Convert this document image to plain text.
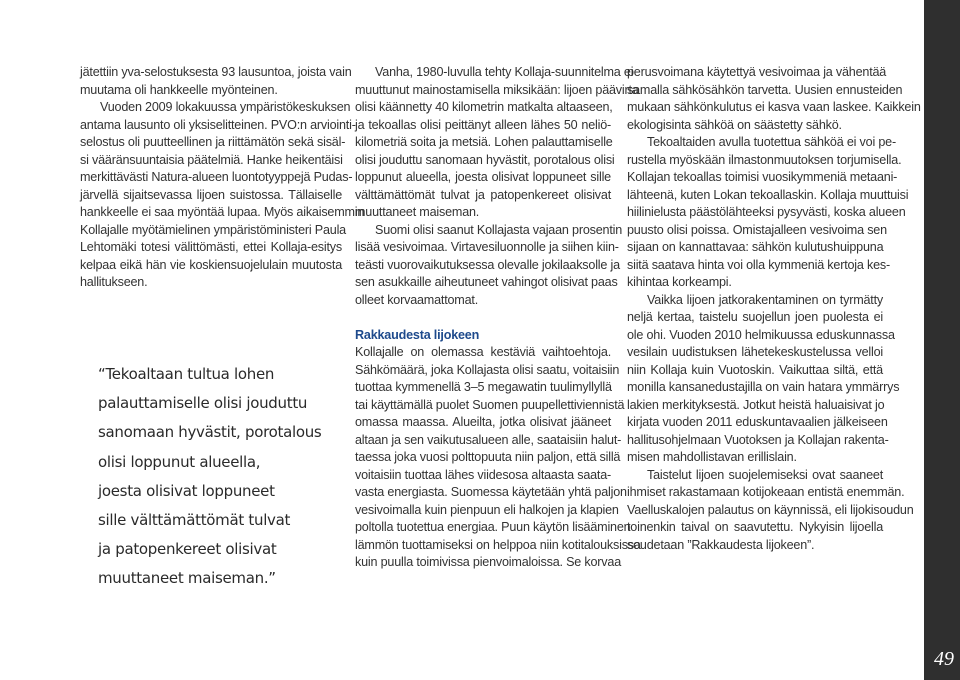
jätettiin yva-selostuksesta 93 lausuntoa, joista vain
muutama oli hankkeelle myönteinen.
Vuoden 2009 lokakuussa ympäristökeskuksen
antama lausunto oli yksiselitteinen. PVO:n arviointi-
selostus oli puutteellinen ja riittämätön sekä sisäl-
si vääränsuuntaisia päätelmiä. Hanke heikentäisi
merkittävästi Natura-alueen luontotyyppejä Pudas-
järvellä sijaitsevassa lijoen suistossa. Tällaiselle
hankkeelle ei saa myöntää lupaa. Myös aikaisemmin
Kollajalle myötämielinen ympäristöministeri Paula
Lehtomäki totesi välittömästi, ettei Kollaja-esitys
kelpaa eikä hän vie koskiensuojelulain muutosta
hallitukseen.
“Tekoaltaan tultua lohen
palauttamiselle olisi jouduttu
sanomaan hyvästit, porotalous
olisi loppunut alueella,
joesta olisivat loppuneet
sille välttämättömät tulvat
ja patopenkereet olisivat
muuttaneet maiseman.”
Vanha, 1980-luvulla tehty Kollaja-suunnitelma ei
muuttunut mainostamisella miksikään: lijoen päävirta
olisi käännetty 40 kilometrin matkalta altaaseen,
ja tekoallas olisi peittänyt alleen lähes 50 neliö-
kilometriä soita ja metsiä. Lohen palauttamiselle
olisi jouduttu sanomaan hyvästit, porotalous olisi
loppunut alueella, joesta olisivat loppuneet sille
välttämättömät tulvat ja patopenkereet olisivat
muuttaneet maiseman.
Suomi olisi saanut Kollajasta vajaan prosentin
lisää vesivoimaa. Virtavesiluonnolle ja siihen kiin-
teästi vuorovaikutuksessa olevalle jokilaaksolle ja
sen asukkaille aiheutuneet vahingot olisivat paas
olleet korvaamattomat.
Rakkaudesta lijokeen
Kollajalle on olemassa kestäviä vaihtoehtoja.
Sähkömäärä, joka Kollajasta olisi saatu, voitaisiin
tuottaa kymmenellä 3–5 megawatin tuulimyllyllä
tai käyttämällä puolet Suomen puupellettiviennistä
omassa maassa. Alueilta, jotka olisivat jääneet
altaan ja sen vaikutusalueen alle, saataisiin halut-
taessa joka vuosi polttopuuta niin paljon, että sillä
voitaisiin tuottaa lähes viidesosa altaasta saata-
vasta energiasta. Suomessa käytetään yhtä paljon
vesivoimalla kuin pienpuun eli halkojen ja klapien
poltolla tuotettua energiaa. Puun käytön lisääminen
lämmön tuottamiseksi on helppoa niin kotitalouksissa
kuin puulla toimivissa pienvoimaloissa. Se korvaa
perusvoimana käytettyä vesivoimaa ja vähentää
samalla sähkösähkön tarvetta. Uusien ennusteiden
mukaan sähkönkulutus ei kasva vaan laskee. Kaikkein
ekologisinta sähköä on säästetty sähkö.
Tekoaltaiden avulla tuotettua sähköä ei voi pe-
rustella myöskään ilmastonmuutoksen torjumisella.
Kollajan tekoallas toimisi vuosikymmeniä metaani-
lähteenä, kuten Lokan tekoallaskin. Kollaja muuttuisi
hiilinielusta päästölähteeksi pysyvästi, koska alueen
puusto olisi poissa. Omistajalleen vesivoima sen
sijaan on kannattavaa: sähkön kulutushuippuna
siitä saatava hinta voi olla kymmeniä kertoja kes-
kihintaa korkeampi.
Vaikka lijoen jatkorakentaminen on tyrmätty
neljä kertaa, taistelu suojellun joen puolesta ei
ole ohi. Vuoden 2010 helmikuussa eduskunnassa
vesilain uudistuksen lähetekeskustelussa velloi
niin Kollaja kuin Vuotoskin. Vaikuttaa siltä, että
monilla kansanedustajilla on vain hatara ymmärrys
lakien merkityksestä. Jotkut heistä haluaisivat jo
kirjata vuoden 2011 eduskuntavaalien jälkeiseen
hallitusohjelmaan Vuotoksen ja Kollajan rakenta-
misen mahdollistavan erillislain.
Taistelut lijoen suojelemiseksi ovat saaneet
ihmiset rakastamaan kotijokeaan entistä enemmän.
Vaelluskalojen palautus on käynnissä, eli lijokisoudun
toinenkin taival on saavutettu. Nykyisin lijoella
soudetaan ”Rakkaudesta lijokeen”.
49
